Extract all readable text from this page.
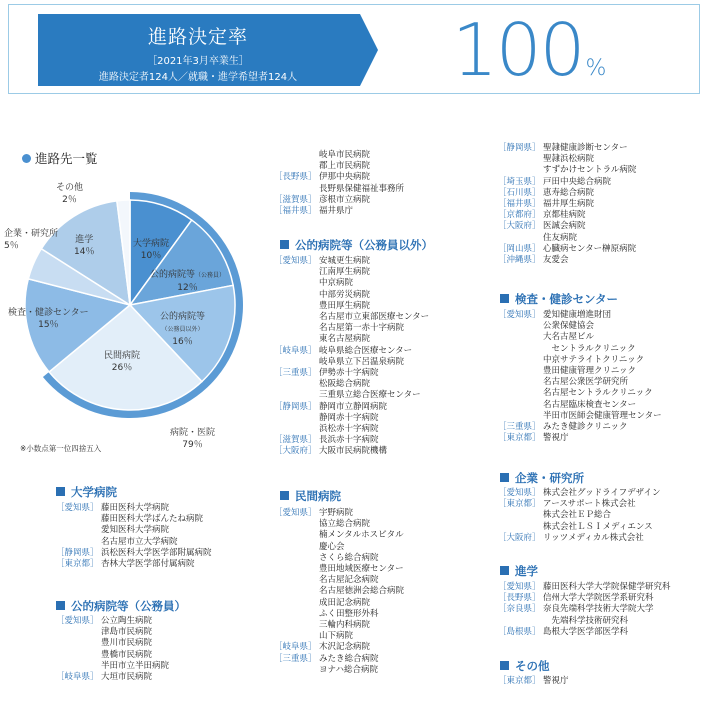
進路決定率
［2021年3月卒業生］
進路決定者124人／就職・進学希望者124人	100%
進路先一覧
その他
2％
企業・研究所
5％
進学
14％
大学病院
10％
公的病院等（公務員）
12％
検査・健診センター
15％
公的病院等
（公務員以外）
16％
民間病院
26％
病院・医院
79％
※小数点第一位四捨五入
大学病院
［愛知県］ 藤田医科大学病院
藤田医科大学ばんたね病院
愛知医科大学病院
名古屋市立大学病院
［静岡県］ 浜松医科大学医学部附属病院
［東京都］ 杏林大学医学部付属病院
公的病院等（公務員）
［愛知県］ 公立陶生病院
津島市民病院
豊川市民病院
豊橋市民病院
半田市立半田病院
［岐阜県］ 大垣市民病院
岐阜市民病院
郡上市民病院
［長野県］ 伊那中央病院
長野県保健福祉事務所
［滋賀県］ 彦根市立病院
［福井県］ 福井県庁
公的病院等（公務員以外）
［愛知県］ 安城更生病院
江南厚生病院
中京病院
中部労災病院
豊田厚生病院
名古屋市立東部医療センター
名古屋第一赤十字病院
東名古屋病院
［岐阜県］ 岐阜県総合医療センター
岐阜県立下呂温泉病院
［三重県］ 伊勢赤十字病院
松阪総合病院
三重県立総合医療センター
［静岡県］ 静岡市立静岡病院
静岡赤十字病院
浜松赤十字病院
［滋賀県］ 長浜赤十字病院
［大阪府］ 大阪市民病院機構
民間病院
［愛知県］ 宇野病院
協立総合病院
楠メンタルホスピタル
慶心会
さくら総合病院
豊田地域医療センター
名古屋記念病院
名古屋徳洲会総合病院
成田記念病院
ふく田整形外科
三輪内科病院
山下病院
［岐阜県］ 木沢記念病院
［三重県］ みたき総合病院
ヨナハ総合病院
［静岡県］ 聖隷健康診断センター
聖隷浜松病院
すずかけセントラル病院
［埼玉県］ 戸田中央総合病院
［石川県］ 恵寿総合病院
［福井県］ 福井厚生病院
［京都府］ 京都桂病院
［大阪府］ 医誠会病院
住友病院
［岡山県］ 心臓病センター榊原病院
［沖縄県］ 友愛会
検査・健診センター
［愛知県］ 愛知健康増進財団
公衆保健協会
大名古屋ビル
　セントラルクリニック
中京サテライトクリニック
豊田健康管理クリニック
名古屋公衆医学研究所
名古屋セントラルクリニック
名古屋臨床検査センター
半田市医師会健康管理センター
［三重県］ みたき健診クリニック
［東京都］ 警視庁
企業・研究所
［愛知県］ 株式会社グッドライフデザイン
［東京都］ アースサポート株式会社
株式会社ＥＰ総合
株式会社ＬＳＩメディエンス
［大阪府］ リッツメディカル株式会社
進学
［愛知県］ 藤田医科大学大学院保健学研究科
［長野県］ 信州大学大学院医学系研究科
［奈良県］ 奈良先端科学技術大学院大学
　先端科学技術研究科
［島根県］ 島根大学医学部医学科
その他
［東京都］ 警視庁
